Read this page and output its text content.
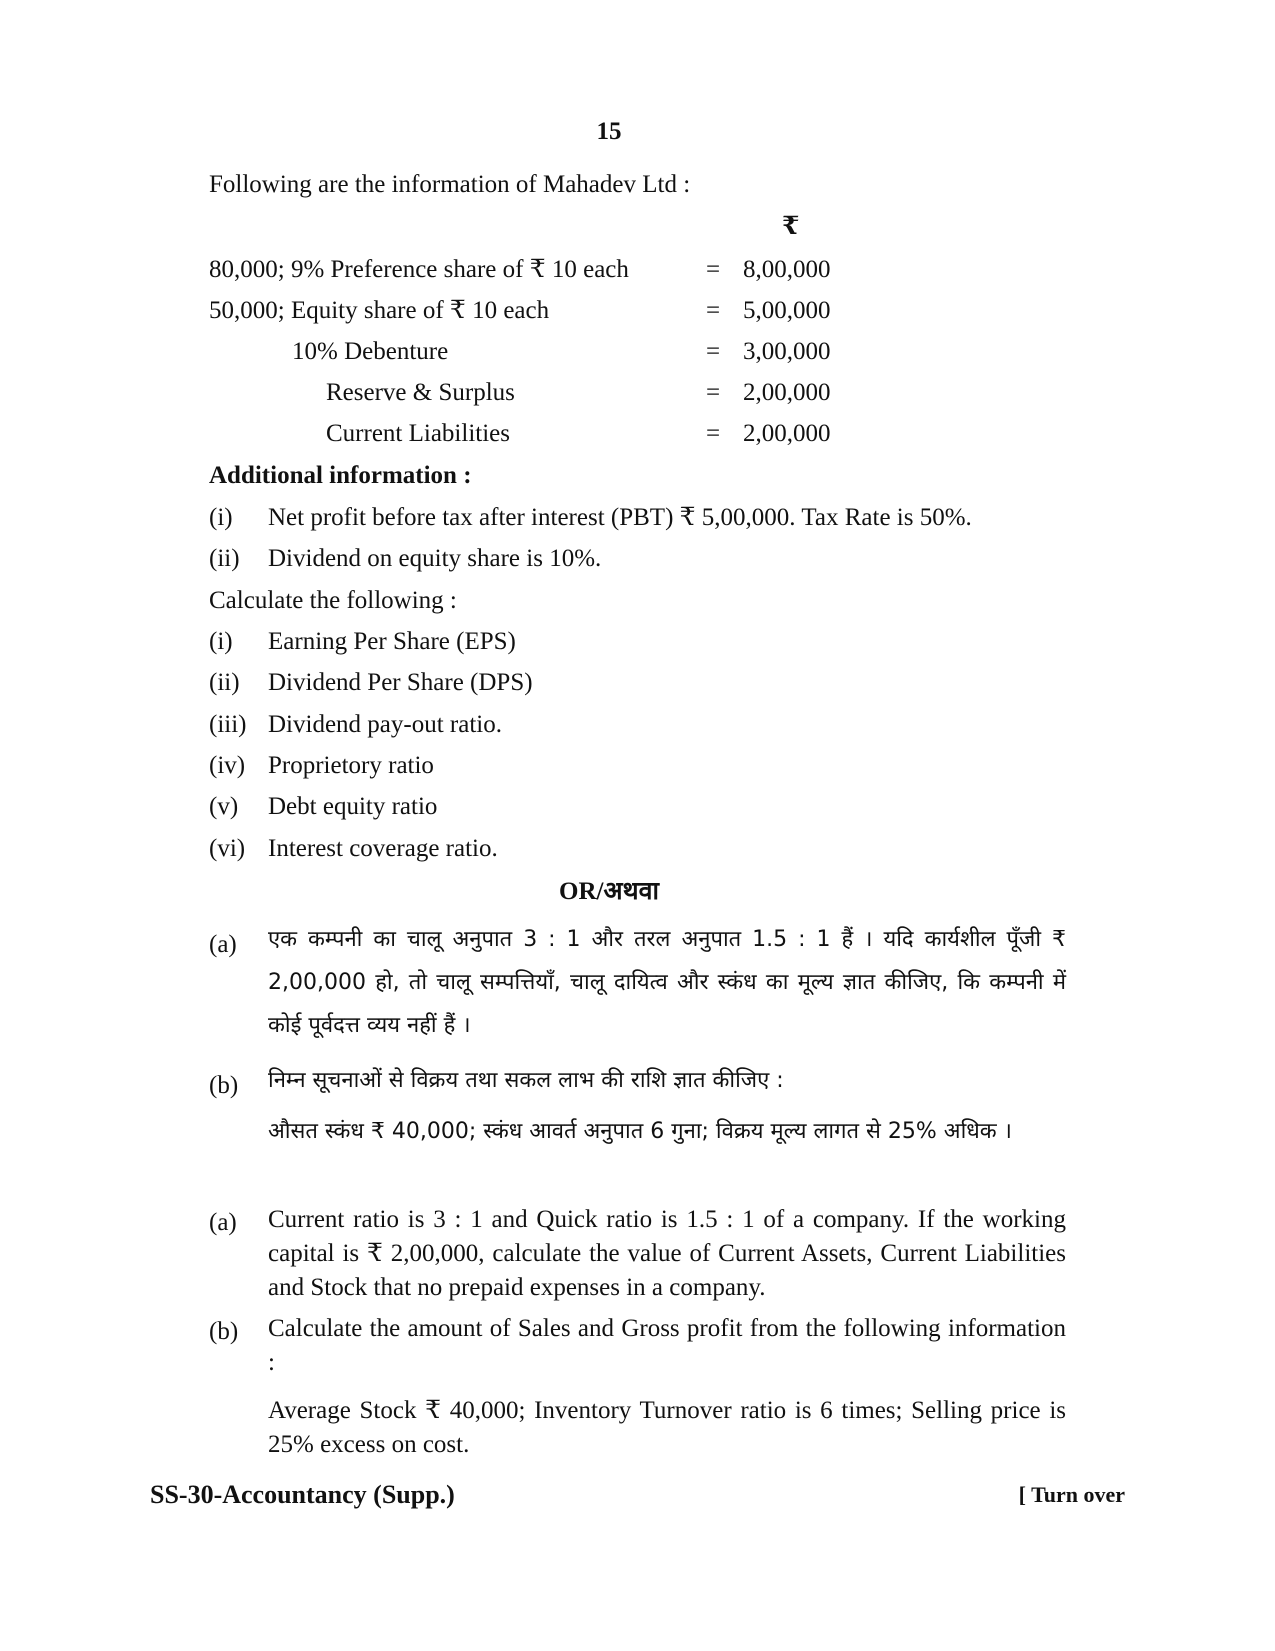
15
Following are the information of Mahadev Ltd :
₹
80,000; 9% Preference share of ₹ 10 each	= 8,00,000
50,000; Equity share of ₹ 10 each	= 5,00,000
10% Debenture	= 3,00,000
Reserve & Surplus	= 2,00,000
Current Liabilities	= 2,00,000
Additional information :
(i) Net profit before tax after interest (PBT) ₹ 5,00,000. Tax Rate is 50%.
(ii) Dividend on equity share is 10%.
Calculate the following :
(i) Earning Per Share (EPS)
(ii) Dividend Per Share (DPS)
(iii) Dividend pay-out ratio.
(iv) Proprietory ratio
(v) Debt equity ratio
(vi) Interest coverage ratio.
OR/अथवा
(a) एक कम्पनी का चालू अनुपात 3 : 1 और तरल अनुपात 1.5 : 1 हैं । यदि कार्यशील पूँजी ₹ 2,00,000 हो, तो चालू सम्पत्तियाँ, चालू दायित्व और स्कंध का मूल्य ज्ञात कीजिए, कि कम्पनी में कोई पूर्वदत्त व्यय नहीं हैं ।
(b) निम्न सूचनाओं से विक्रय तथा सकल लाभ की राशि ज्ञात कीजिए :
औसत स्कंध ₹ 40,000; स्कंध आवर्त अनुपात 6 गुना; विक्रय मूल्य लागत से 25% अधिक ।
(a) Current ratio is 3 : 1 and Quick ratio is 1.5 : 1 of a company. If the working capital is ₹ 2,00,000, calculate the value of Current Assets, Current Liabilities and Stock that no prepaid expenses in a company.
(b) Calculate the amount of Sales and Gross profit from the following information :
Average Stock ₹ 40,000; Inventory Turnover ratio is 6 times; Selling price is 25% excess on cost.
SS-30-Accountancy (Supp.)	[ Turn over
